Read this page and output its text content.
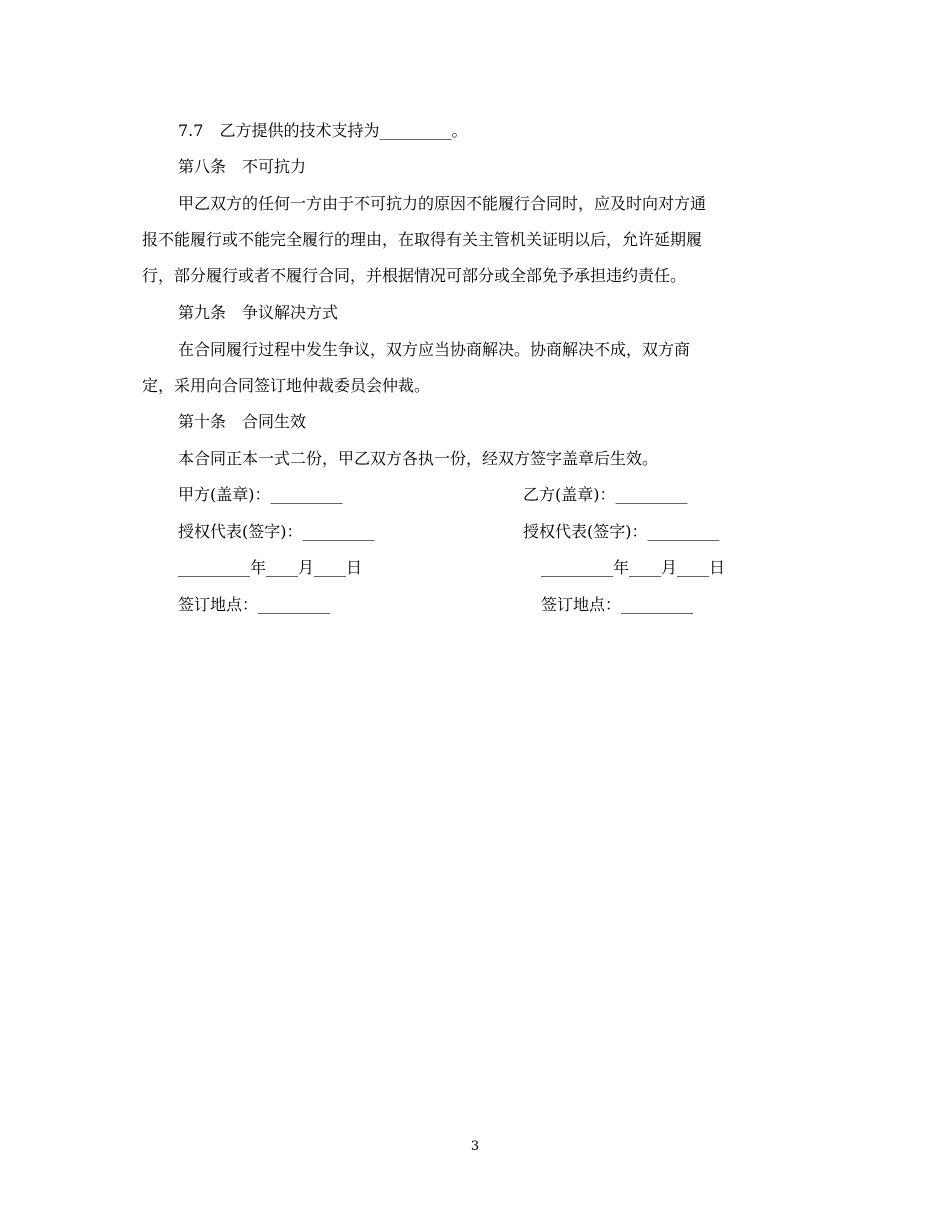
7.7　乙方提供的技术支持为_________。
第八条　不可抗力
甲乙双方的任何一方由于不可抗力的原因不能履行合同时，应及时向对方通
报不能履行或不能完全履行的理由，在取得有关主管机关证明以后，允许延期履
行，部分履行或者不履行合同，并根据情况可部分或全部免予承担违约责任。
第九条　争议解决方式
在合同履行过程中发生争议，双方应当协商解决。协商解决不成，双方商
定，采用向合同签订地仲裁委员会仲裁。
第十条　合同生效
本合同正本一式二份，甲乙双方各执一份，经双方签字盖章后生效。
甲方(盖章)：_________	乙方(盖章)：_________
授权代表(签字)：_________	授权代表(签字)：_________
_________年____月____日	_________年____月____日
签订地点：_________	签订地点：_________
3
